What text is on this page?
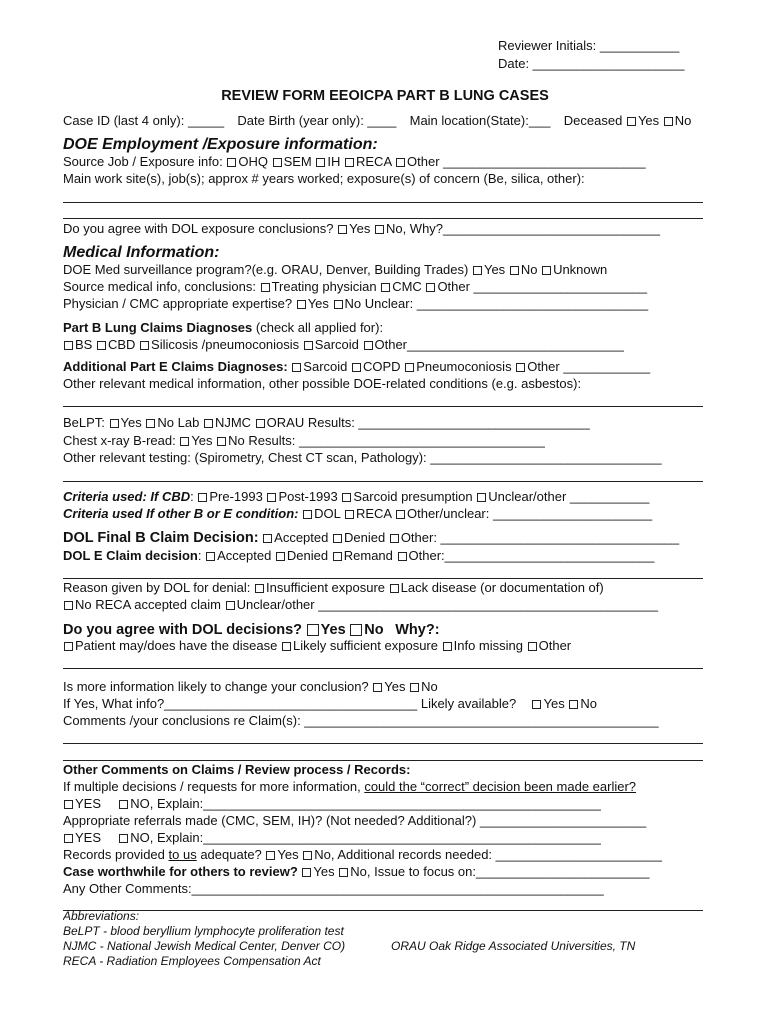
Reviewer Initials: ___________
Date: _____________________
REVIEW FORM EEOICPA PART B LUNG CASES
Case ID (last 4 only): _____ Date Birth (year only): ____ Main location(State):___ Deceased Yes No
DOE Employment /Exposure information:
Source Job / Exposure info: OHQ SEM IH RECA Other ____________________________
Main work site(s), job(s); approx # years worked; exposure(s) of concern (Be, silica, other):
Do you agree with DOL exposure conclusions? Yes No, Why?______________________________
Medical Information:
DOE Med surveillance program?(e.g. ORAU, Denver, Building Trades) Yes No Unknown
Source medical info, conclusions: Treating physician CMC Other ________________________
Physician / CMC appropriate expertise? Yes No Unclear: ________________________________
Part B Lung Claims Diagnoses (check all applied for):
BS CBD Silicosis /pneumoconiosis Sarcoid Other______________________________
Additional Part E Claims Diagnoses: Sarcoid COPD Pneumoconiosis Other ____________
Other relevant medical information, other possible DOE-related conditions (e.g. asbestos):
BeLPT: Yes No Lab NJMC ORAU Results: ________________________________
Chest x-ray B-read: Yes No Results: __________________________________
Other relevant testing: (Spirometry, Chest CT scan, Pathology): ________________________________
Criteria used: If CBD: Pre-1993 Post-1993 Sarcoid presumption Unclear/other ___________
Criteria used If other B or E condition: DOL RECA Other/unclear: ______________________
DOL Final B Claim Decision: Accepted Denied Other: _________________________________
DOL E Claim decision: Accepted Denied Remand Other:_____________________________
Reason given by DOL for denial: Insufficient exposure Lack disease (or documentation of)
No RECA accepted claim Unclear/other _______________________________________________
Do you agree with DOL decisions? Yes No Why?:
Patient may/does have the disease Likely sufficient exposure Info missing Other
Is more information likely to change your conclusion? Yes No
If Yes, What info?___________________________________ Likely available? Yes No
Comments /your conclusions re Claim(s): _________________________________________________
Other Comments on Claims / Review process / Records:
If multiple decisions / requests for more information, could the “correct” decision been made earlier?
YES NO, Explain:_______________________________________________________
Appropriate referrals made (CMC, SEM, IH)? (Not needed? Additional?) _______________________
YES NO, Explain:_______________________________________________________
Records provided to us adequate? Yes No, Additional records needed: _______________________
Case worthwhile for others to review? Yes No, Issue to focus on:________________________
Any Other Comments:_________________________________________________________
Abbreviations:
BeLPT - blood beryllium lymphocyte proliferation test
NJMC - National Jewish Medical Center, Denver CO)	ORAU Oak Ridge Associated Universities, TN
RECA - Radiation Employees Compensation Act
